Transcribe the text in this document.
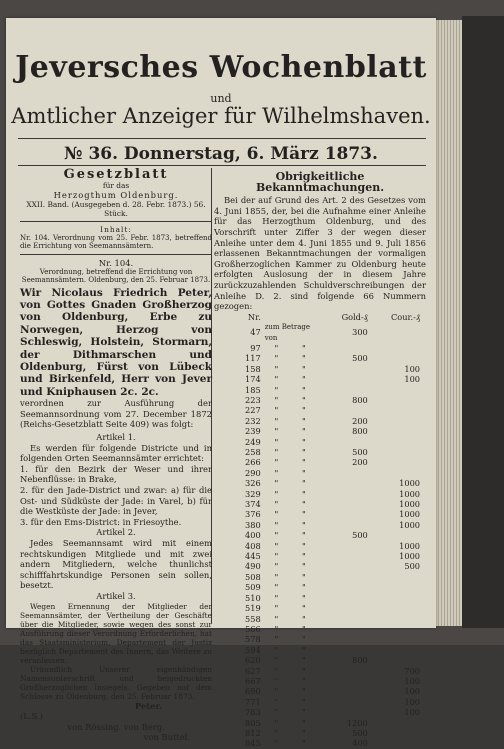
Jeversches Wochenblatt
und
Amtlicher Anzeiger für Wilhelmshaven.
№ 36. Donnerstag, 6. März 1873.
Gesetzblatt
für das
Herzogthum Oldenburg.
XXII. Band. (Ausgegeben d. 28. Febr. 1873.) 56. Stück.
Inhalt:
Nr. 104. Verordnung vom 25. Febr. 1873, betreffend die Errichtung von Seemannsämtern.
Nr. 104.
Verordnung, betreffend die Errichtung von Seemannsämtern. Oldenburg, den 25. Februar 1873.
Wir Nicolaus Friedrich Peter, von Gottes Gnaden Großherzog von Oldenburg, Erbe zu Norwegen, Herzog von Schleswig, Holstein, Stormarn, der Dithmarschen und Oldenburg, Fürst von Lübeck und Birkenfeld, Herr von Jever und Kniphausen 2c. 2c.

verordnen zur Ausführung der Seemannsordnung vom 27. December 1872 (Reichs-Gesetzblatt Seite 409) was folgt:

Artikel 1.

Es werden für folgende Districte und in folgenden Orten Seemannsämter errichtet:

1. für den Bezirk der Weser und ihrer Nebenflüsse: in Brake,

2. für den Jade-District und zwar: a) für die Ost- und Südküste der Jade: in Varel, b) für die Westküste der Jade: in Jever,

3. für den Ems-District: in Friesoythe.

Artikel 2.

Jedes Seemannsamt wird mit einem rechtskundigen Mitgliede und mit zwei andern Mitgliedern, welche thunlichst schifffahrtskundige Personen sein sollen, besetzt.

Artikel 3.

Wegen Ernennung der Mitglieder der Seemannsämter, der Vertheilung der Geschäfte über die Mitglieder, sowie wegen des sonst zur Ausführung dieser Verordnung Erforderlichen, hat das Staatsministerium, Departement der Justiz bezüglich Departement des Innern, das Weitere zu veranlassen.

Urkundlich Unserer eigenhändigen Namensunterschrift und beigedruckten Großherzoglichen Insiegels. Gegeben auf dem Schlosse zu Oldenburg, den 25. Februar 1873.

Peter.
(L.S.)
von Rössing. von Berg.
von Buttel.
Obrigkeitliche Bekanntmachungen.

Bei der auf Grund des Art. 2 des Gesetzes vom 4. Juni 1855, der, bei die Aufnahme einer Anleihe für das Herzogthum Oldenburg, und des Vorschrift unter Ziffer 3 der wegen dieser Anleihe unter dem 4. Juni 1855 und 9. Juli 1856 erlassenen Bekanntmachungen der vormaligen Großherzoglichen Kammer zu Oldenburg heute erfolgten Auslosung der in diesem Jahre zurückzuzahlenden Schuldverschreibungen der Anleihe D. 2. sind folgende 66 Nummern gezogen:

Nr.			Gold-₰	Cour.-₰
47	zum Betrage von		300	
97	"	"		
117	"	"	500	
158	"	"		100
174	"	"		100
185	"	"		
223	"	"	800	
227	"	"		
232	"	"	200	
239	"	"	800	
249	"	"		
258	"	"	500	
266	"	"	200	
290	"	"		
326	"	"		1000
329	"	"		1000
374	"	"		1000
376	"	"		1000
380	"	"		1000
400	"	"	500	
408	"	"		1000
445	"	"		1000
490	"	"		500
508	"	"		
509	"	"		
510	"	"		
519	"	"		
558	"	"		
566	"	"		
578	"	"		
594	"	"		
620	"	"	800	
627	"	"		700
667	"	"		100
690	"	"		100
771	"	"		100
783	"	"		100
805	"	"	1200	
812	"	"	500	
845	"	"	400	
